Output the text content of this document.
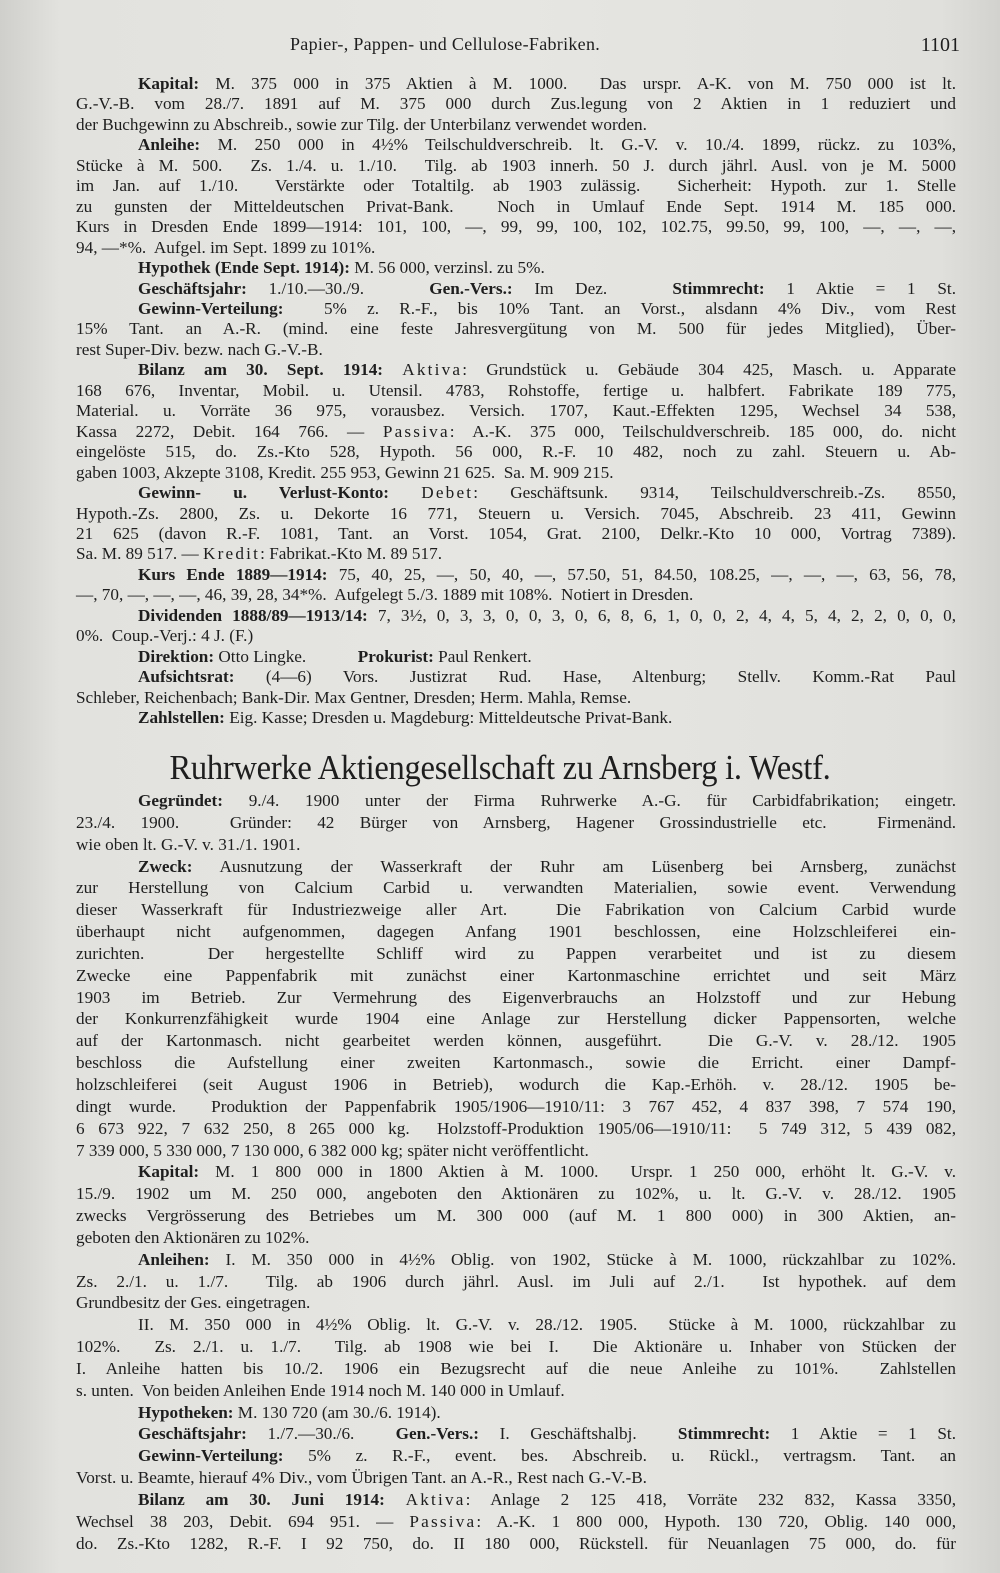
Papier-, Pappen- und Cellulose-Fabriken.	1101
Kapital: M. 375 000 in 375 Aktien à M. 1000.  Das urspr. A-K. von M. 750 000 ist lt.
G.-V.-B. vom 28./7. 1891 auf M. 375 000 durch Zus.legung von 2 Aktien in 1 reduziert und
der Buchgewinn zu Abschreib., sowie zur Tilg. der Unterbilanz verwendet worden.
Anleihe: M. 250 000 in 4½% Teilschuldverschreib. lt. G.-V. v. 10./4. 1899, rückz. zu 103%,
Stücke à M. 500.  Zs. 1./4. u. 1./10.  Tilg. ab 1903 innerh. 50 J. durch jährl. Ausl. von je M. 5000
im Jan. auf 1./10.  Verstärkte oder Totaltilg. ab 1903 zulässig.  Sicherheit: Hypoth. zur 1. Stelle
zu gunsten der Mitteldeutschen Privat-Bank.  Noch in Umlauf Ende Sept. 1914 M. 185 000.
Kurs in Dresden Ende 1899—1914: 101, 100, —, 99, 99, 100, 102, 102.75, 99.50, 99, 100, —, —, —,
94, —*%.  Aufgel. im Sept. 1899 zu 101%.
Hypothek (Ende Sept. 1914): M. 56 000, verzinsl. zu 5%.
Geschäftsjahr: 1./10.—30./9.   Gen.-Vers.: Im Dez.   Stimmrecht: 1 Aktie = 1 St.
Gewinn-Verteilung:  5% z. R.-F., bis 10% Tant. an Vorst., alsdann 4% Div., vom Rest
15% Tant. an A.-R. (mind. eine feste Jahresvergütung von M. 500 für jedes Mitglied), Über-
rest Super-Div. bezw. nach G.-V.-B.
Bilanz am 30. Sept. 1914: Aktiva: Grundstück u. Gebäude 304 425, Masch. u. Apparate
168 676, Inventar, Mobil. u. Utensil. 4783, Rohstoffe, fertige u. halbfert. Fabrikate 189 775,
Material. u. Vorräte 36 975, vorausbez. Versich. 1707, Kaut.-Effekten 1295, Wechsel 34 538,
Kassa 2272, Debit. 164 766. — Passiva: A.-K. 375 000, Teilschuldverschreib. 185 000, do. nicht
eingelöste 515, do. Zs.-Kto 528, Hypoth. 56 000, R.-F. 10 482, noch zu zahl. Steuern u. Ab-
gaben 1003, Akzepte 3108, Kredit. 255 953, Gewinn 21 625.  Sa. M. 909 215.
Gewinn- u. Verlust-Konto: Debet: Geschäftsunk. 9314, Teilschuldverschreib.-Zs. 8550,
Hypoth.-Zs. 2800, Zs. u. Dekorte 16 771, Steuern u. Versich. 7045, Abschreib. 23 411, Gewinn
21 625 (davon R.-F. 1081, Tant. an Vorst. 1054, Grat. 2100, Delkr.-Kto 10 000, Vortrag 7389).
Sa. M. 89 517. — Kredit: Fabrikat.-Kto M. 89 517.
Kurs Ende 1889—1914: 75, 40, 25, —, 50, 40, —, 57.50, 51, 84.50, 108.25, —, —, —, 63, 56, 78,
—, 70, —, —, —, 46, 39, 28, 34*%.  Aufgelegt 5./3. 1889 mit 108%.  Notiert in Dresden.
Dividenden 1888/89—1913/14: 7, 3½, 0, 3, 3, 0, 0, 3, 0, 6, 8, 6, 1, 0, 0, 2, 4, 4, 5, 4, 2, 2, 0, 0, 0,
0%.  Coup.-Verj.: 4 J. (F.)
Direktion: Otto Lingke.            Prokurist: Paul Renkert.
Aufsichtsrat: (4—6) Vors. Justizrat Rud. Hase, Altenburg; Stellv. Komm.-Rat Paul
Schleber, Reichenbach; Bank-Dir. Max Gentner, Dresden; Herm. Mahla, Remse.
Zahlstellen: Eig. Kasse; Dresden u. Magdeburg: Mitteldeutsche Privat-Bank.
Ruhrwerke Aktiengesellschaft zu Arnsberg i. Westf.
Gegründet: 9./4. 1900 unter der Firma Ruhrwerke A.-G. für Carbidfabrikation; eingetr.
23./4. 1900.  Gründer: 42 Bürger von Arnsberg, Hagener Grossindustrielle etc.  Firmenänd.
wie oben lt. G.-V. v. 31./1. 1901.
Zweck: Ausnutzung der Wasserkraft der Ruhr am Lüsenberg bei Arnsberg, zunächst
zur Herstellung von Calcium Carbid u. verwandten Materialien, sowie event. Verwendung
dieser Wasserkraft für Industriezweige aller Art.  Die Fabrikation von Calcium Carbid wurde
überhaupt nicht aufgenommen, dagegen Anfang 1901 beschlossen, eine Holzschleiferei ein-
zurichten.  Der hergestellte Schliff wird zu Pappen verarbeitet und ist zu diesem
Zwecke eine Pappenfabrik mit zunächst einer Kartonmaschine errichtet und seit März
1903 im Betrieb. Zur Vermehrung des Eigenverbrauchs an Holzstoff und zur Hebung
der Konkurrenzfähigkeit wurde 1904 eine Anlage zur Herstellung dicker Pappensorten, welche
auf der Kartonmasch. nicht gearbeitet werden können, ausgeführt.  Die G.-V. v. 28./12. 1905
beschloss die Aufstellung einer zweiten Kartonmasch., sowie die Erricht. einer Dampf-
holzschleiferei (seit August 1906 in Betrieb), wodurch die Kap.-Erhöh. v. 28./12. 1905 be-
dingt wurde.  Produktion der Pappenfabrik 1905/1906—1910/11: 3 767 452, 4 837 398, 7 574 190,
6 673 922, 7 632 250, 8 265 000 kg.  Holzstoff-Produktion 1905/06—1910/11:  5 749 312, 5 439 082,
7 339 000, 5 330 000, 7 130 000, 6 382 000 kg; später nicht veröffentlicht.
Kapital: M. 1 800 000 in 1800 Aktien à M. 1000.  Urspr. 1 250 000, erhöht lt. G.-V. v.
15./9. 1902 um M. 250 000, angeboten den Aktionären zu 102%, u. lt. G.-V. v. 28./12. 1905
zwecks Vergrösserung des Betriebes um M. 300 000 (auf M. 1 800 000) in 300 Aktien, an-
geboten den Aktionären zu 102%.
Anleihen: I. M. 350 000 in 4½% Oblig. von 1902, Stücke à M. 1000, rückzahlbar zu 102%.
Zs. 2./1. u. 1./7.  Tilg. ab 1906 durch jährl. Ausl. im Juli auf 2./1.  Ist hypothek. auf dem
Grundbesitz der Ges. eingetragen.
II. M. 350 000 in 4½% Oblig. lt. G.-V. v. 28./12. 1905.  Stücke à M. 1000, rückzahlbar zu
102%.  Zs. 2./1. u. 1./7.  Tilg. ab 1908 wie bei I.  Die Aktionäre u. Inhaber von Stücken der
I. Anleihe hatten bis 10./2. 1906 ein Bezugsrecht auf die neue Anleihe zu 101%.  Zahlstellen
s. unten.  Von beiden Anleihen Ende 1914 noch M. 140 000 in Umlauf.
Hypotheken: M. 130 720 (am 30./6. 1914).
Geschäftsjahr: 1./7.—30./6.  Gen.-Vers.: I. Geschäftshalbj.  Stimmrecht: 1 Aktie = 1 St.
Gewinn-Verteilung: 5% z. R.-F., event. bes. Abschreib. u. Rückl., vertragsm. Tant. an
Vorst. u. Beamte, hierauf 4% Div., vom Übrigen Tant. an A.-R., Rest nach G.-V.-B.
Bilanz am 30. Juni 1914: Aktiva: Anlage 2 125 418, Vorräte 232 832, Kassa 3350,
Wechsel 38 203, Debit. 694 951. — Passiva: A.-K. 1 800 000, Hypoth. 130 720, Oblig. 140 000,
do. Zs.-Kto 1282, R.-F. I 92 750, do. II 180 000, Rückstell. für Neuanlagen 75 000, do. für
